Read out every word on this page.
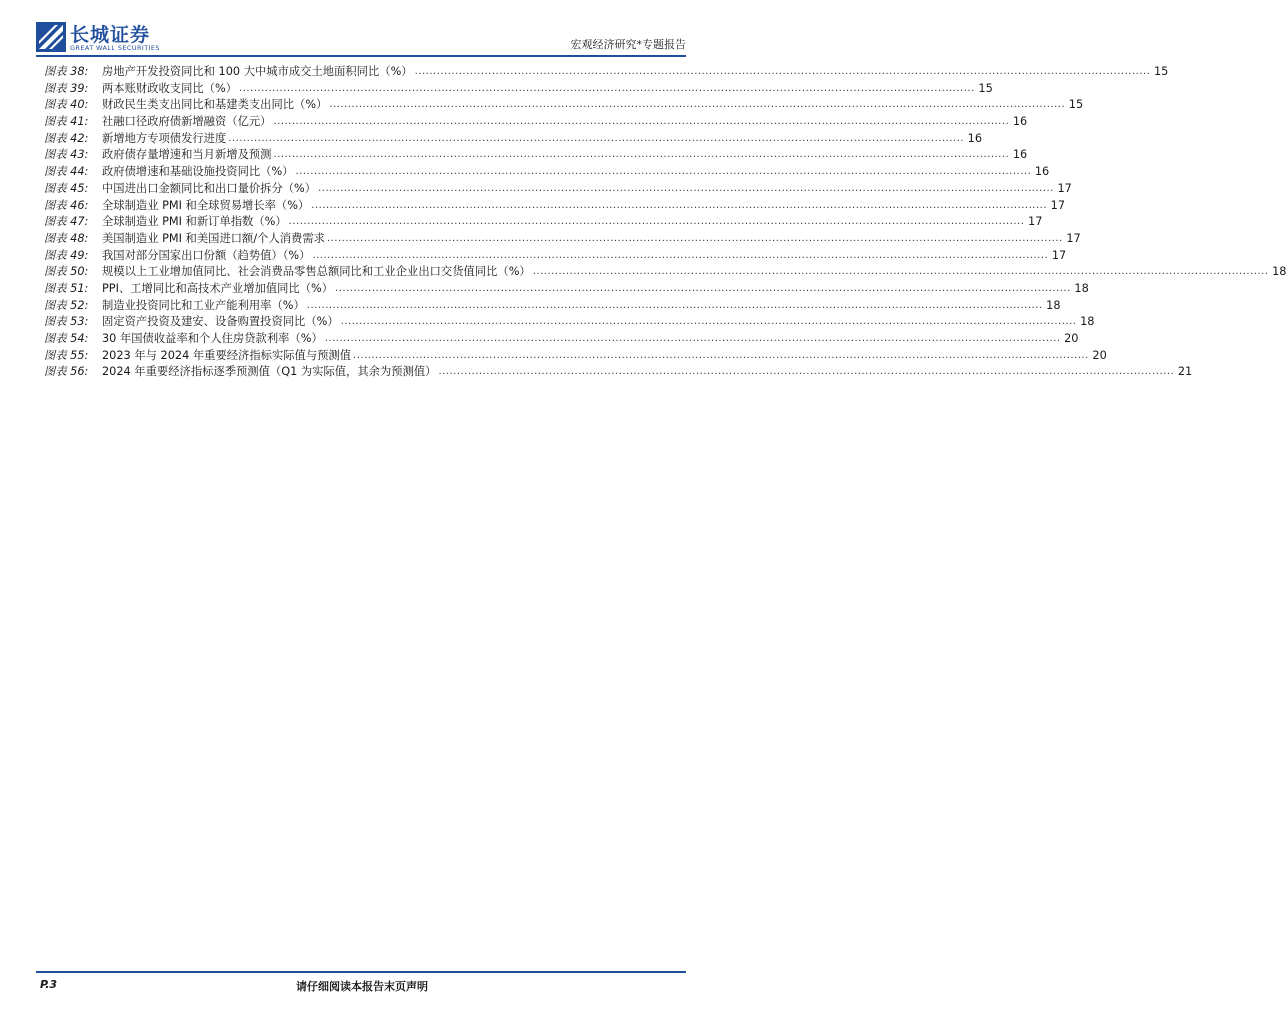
长城证券
GREAT WALL SECURITIES	宏观经济研究*专题报告
图表 38:	房地产开发投资同比和 100 大中城市成交土地面积同比（%） ........................................................................................................................................................................................................ 15
图表 39:	两本账财政收支同比（%） ........................................................................................................................................................................................................ 15
图表 40:	财政民生类支出同比和基建类支出同比（%） ........................................................................................................................................................................................................ 15
图表 41:	社融口径政府债新增融资（亿元） ........................................................................................................................................................................................................ 16
图表 42:	新增地方专项债发行进度 ........................................................................................................................................................................................................ 16
图表 43:	政府债存量增速和当月新增及预测 ........................................................................................................................................................................................................ 16
图表 44:	政府债增速和基础设施投资同比（%） ........................................................................................................................................................................................................ 16
图表 45:	中国进出口金额同比和出口量价拆分（%） ........................................................................................................................................................................................................ 17
图表 46:	全球制造业 PMI 和全球贸易增长率（%） ........................................................................................................................................................................................................ 17
图表 47:	全球制造业 PMI 和新订单指数（%） ........................................................................................................................................................................................................ 17
图表 48:	美国制造业 PMI 和美国进口额/个人消费需求 ........................................................................................................................................................................................................ 17
图表 49:	我国对部分国家出口份额（趋势值）（%） ........................................................................................................................................................................................................ 17
图表 50:	规模以上工业增加值同比、社会消费品零售总额同比和工业企业出口交货值同比（%） ........................................................................................................................................................................................................ 18
图表 51:	PPI、工增同比和高技术产业增加值同比（%） ........................................................................................................................................................................................................ 18
图表 52:	制造业投资同比和工业产能利用率（%） ........................................................................................................................................................................................................ 18
图表 53:	固定资产投资及建安、设备购置投资同比（%） ........................................................................................................................................................................................................ 18
图表 54:	30 年国债收益率和个人住房贷款利率（%） ........................................................................................................................................................................................................ 20
图表 55:	2023 年与 2024 年重要经济指标实际值与预测值 ........................................................................................................................................................................................................ 20
图表 56:	2024 年重要经济指标逐季预测值（Q1 为实际值，其余为预测值） ........................................................................................................................................................................................................ 21
P.3	请仔细阅读本报告末页声明
